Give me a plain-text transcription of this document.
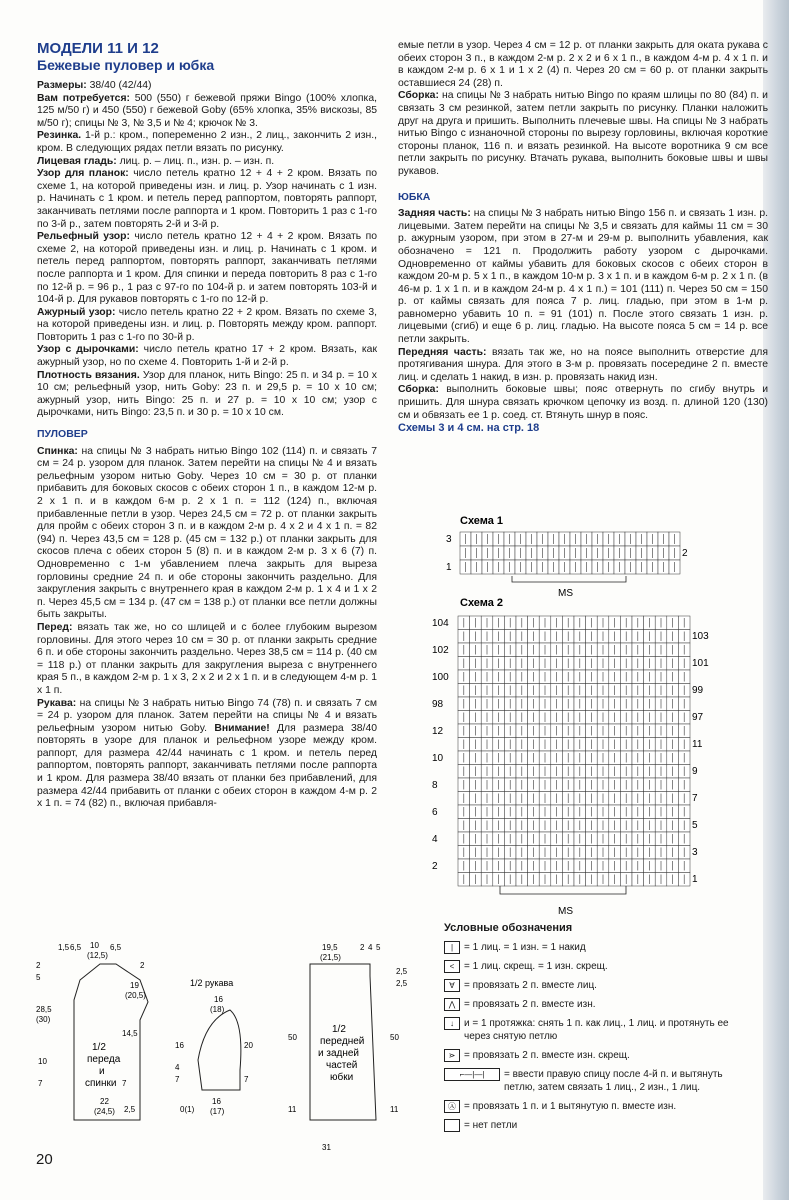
МОДЕЛИ 11 И 12
Бежевые пуловер и юбка

Размеры: 38/40 (42/44)

Вам потребуется: 500 (550) г бежевой пряжи Bingo (100% хлопка, 125 м/50 г) и 450 (550) г бежевой Goby (65% хлопка, 35% вискозы, 85 м/50 г); спицы № 3, № 3,5 и № 4; крючок № 3.

Резинка. 1-й р.: кром., попеременно 2 изн., 2 лиц., закончить 2 изн., кром. В следующих рядах петли вязать по рисунку.

Лицевая гладь: лиц. р. – лиц. п., изн. р. – изн. п.

Узор для планок: число петель кратно 12 + 4 + 2 кром. Вязать по схеме 1, на которой приведены изн. и лиц. р. Узор начинать с 1 изн. р. Начинать с 1 кром. и петель перед раппортом, повторять раппорт, заканчивать петлями после раппорта и 1 кром. Повторить 1 раз с 1-го по 3-й р., затем повторять 2-й и 3-й р.

Рельефный узор: число петель кратно 12 + 4 + 2 кром. Вязать по схеме 2, на которой приведены изн. и лиц. р. Начинать с 1 кром. и петель перед раппортом, повторять раппорт, заканчивать петлями после раппорта и 1 кром. Для спинки и переда повторить 8 раз с 1-го по 12-й р. = 96 р., 1 раз с 97-го по 104-й р. и затем повторять 103-й и 104-й р. Для рукавов повторять с 1-го по 12-й р.

Ажурный узор: число петель кратно 22 + 2 кром. Вязать по схеме 3, на которой приведены изн. и лиц. р. Повторять между кром. раппорт. Повторить 1 раз с 1-го по 30-й р.

Узор с дырочками: число петель кратно 17 + 2 кром. Вязать, как ажурный узор, но по схеме 4. Повторить 1-й и 2-й р.

Плотность вязания. Узор для планок, нить Bingo: 25 п. и 34 р. = 10 х 10 см; рельефный узор, нить Goby: 23 п. и 29,5 р. = 10 х 10 см; ажурный узор, нить Bingo: 25 п. и 27 р. = 10 х 10 см; узор с дырочками, нить Bingo: 23,5 п. и 30 р. = 10 х 10 см.

ПУЛОВЕР

Спинка: на спицы № 3 набрать нитью Bingo 102 (114) п. и связать 7 см = 24 р. узором для планок. Затем перейти на спицы № 4 и вязать рельефным узором нитью Goby. Через 10 см = 30 р. от планки прибавить для боковых скосов с обеих сторон 1 п., в каждом 12-м р. 2 х 1 п. и в каждом 6-м р. 2 х 1 п. = 112 (124) п., включая прибавленные петли в узор. Через 24,5 см = 72 р. от планки закрыть для пройм с обеих сторон 3 п. и в каждом 2-м р. 4 х 2 и 4 х 1 п. = 82 (94) п. Через 43,5 см = 128 р. (45 см = 132 р.) от планки закрыть для скосов плеча с обеих сторон 5 (8) п. и в каждом 2-м р. 3 х 6 (7) п. Одновременно с 1-м убавлением плеча закрыть для выреза горловины средние 24 п. и обе стороны закончить раздельно. Для закругления закрыть с внутреннего края в каждом 2-м р. 1 х 4 и 1 х 2 п. Через 45,5 см = 134 р. (47 см = 138 р.) от планки все петли должны быть закрыты.

Перед: вязать так же, но со шлицей и с более глубоким вырезом горловины. Для этого через 10 см = 30 р. от планки закрыть средние 6 п. и обе стороны закончить раздельно. Через 38,5 см = 114 р. (40 см = 118 р.) от планки закрыть для закругления выреза с внутреннего края 5 п., в каждом 2-м р. 1 х 3, 2 х 2 и 2 х 1 п. и в следующем 4-м р. 1 х 1 п.

Рукава: на спицы № 3 набрать нитью Bingo 74 (78) п. и связать 7 см = 24 р. узором для планок. Затем перейти на спицы № 4 и вязать рельефным узором нитью Goby. Внимание! Для размера 38/40 повторять в узоре для планок и рельефном узоре между кром. раппорт, для размера 42/44 начинать с 1 кром. и петель перед раппортом, повторять раппорт, заканчивать петлями после раппорта и 1 кром. Для размера 38/40 вязать от планки без прибавлений, для размера 42/44 прибавить от планки с обеих сторон в каждом 4-м р. 2 х 1 п. = 74 (82) п., включая прибавля-

емые петли в узор. Через 4 см = 12 р. от планки закрыть для оката рукава с обеих сторон 3 п., в каждом 2-м р. 2 х 2 и 6 х 1 п., в каждом 4-м р. 4 х 1 п. и в каждом 2-м р. 6 х 1 и 1 х 2 (4) п. Через 20 см = 60 р. от планки закрыть оставшиеся 24 (28) п.

Сборка: на спицы № 3 набрать нитью Bingo по краям шлицы по 80 (84) п. и связать 3 см резинкой, затем петли закрыть по рисунку. Планки наложить друг на друга и пришить. Выполнить плечевые швы. На спицы № 3 набрать нитью Bingo с изнаночной стороны по вырезу горловины, включая короткие стороны планок, 116 п. и вязать резинкой. На высоте воротника 9 см все петли закрыть по рисунку. Втачать рукава, выполнить боковые швы и швы рукавов.

ЮБКА

Задняя часть: на спицы № 3 набрать нитью Bingo 156 п. и связать 1 изн. р. лицевыми. Затем перейти на спицы № 3,5 и связать для каймы 11 см = 30 р. ажурным узором, при этом в 27-м и 29-м р. выполнить убавления, как обозначено = 121 п. Продолжить работу узором с дырочками. Одновременно от каймы убавить для боковых скосов с обеих сторон в каждом 20-м р. 5 х 1 п., в каждом 10-м р. 3 х 1 п. и в каждом 6-м р. 2 х 1 п. (в 46-м р. 1 х 1 п. и в каждом 24-м р. 4 х 1 п.) = 101 (111) п. Через 50 см = 150 р. от каймы связать для пояса 7 р. лиц. гладью, при этом в 1-м р. равномерно убавить 10 п. = 91 (101) п. После этого связать 1 изн. р. лицевыми (сгиб) и еще 6 р. лиц. гладью. На высоте пояса 5 см = 14 р. все петли закрыть.

Передняя часть: вязать так же, но на поясе выполнить отверстие для протягивания шнура. Для этого в 3-м р. провязать посередине 2 п. вместе лиц. и сделать 1 накид, в изн. р. провязать накид изн.

Сборка: выполнить боковые швы; пояс отвернуть по сгибу внутрь и пришить. Для шнура связать крючком цепочку из возд. п. длиной 120 (130) см и обвязать ее 1 р. соед. ст. Втянуть шнур в пояс.

Схемы 3 и 4 см. на стр. 18
Схема 1
3
1
2
MS
Схема 2
104
102
100
98
12
10
8
6
4
2
103
101
99
97
11
9
7
5
3
1
MS
Условные обозначения
|	= 1 лиц. = 1 изн. = 1 накид
< = 1 лиц. скрещ. = 1 изн. скрещ.
∀ = провязать 2 п. вместе лиц.
⋀ = провязать 2 п. вместе изн.
↓	и = 1 протяжка: снять 1 п. как лиц., 1 лиц. и протянуть ее через снятую петлю
⋗ = провязать 2 п. вместе изн. скрещ.
⌐—|—|	= ввести правую спицу после 4-й п. и вытянуть петлю, затем связать 1 лиц., 2 изн., 1 лиц.
Ⓐ = провязать 1 п. и 1 вытянутую п. вместе изн.
= нет петли
1/2
переда
и
спинки
1,5 6,5 10
(12,5)
6,5
2
5
2
19
(20,5)
28,5
(30)
14,5
10
7	7
22
(24,5) 2,5
1/2 рукава
16
(18)
16	20
4
7	7
16
(17)
0(1)
1/2
передней
и задней
частей
юбки
19,5
(21,5)
2 4 5
2,5
2,5
50	50
11	11
31
20
